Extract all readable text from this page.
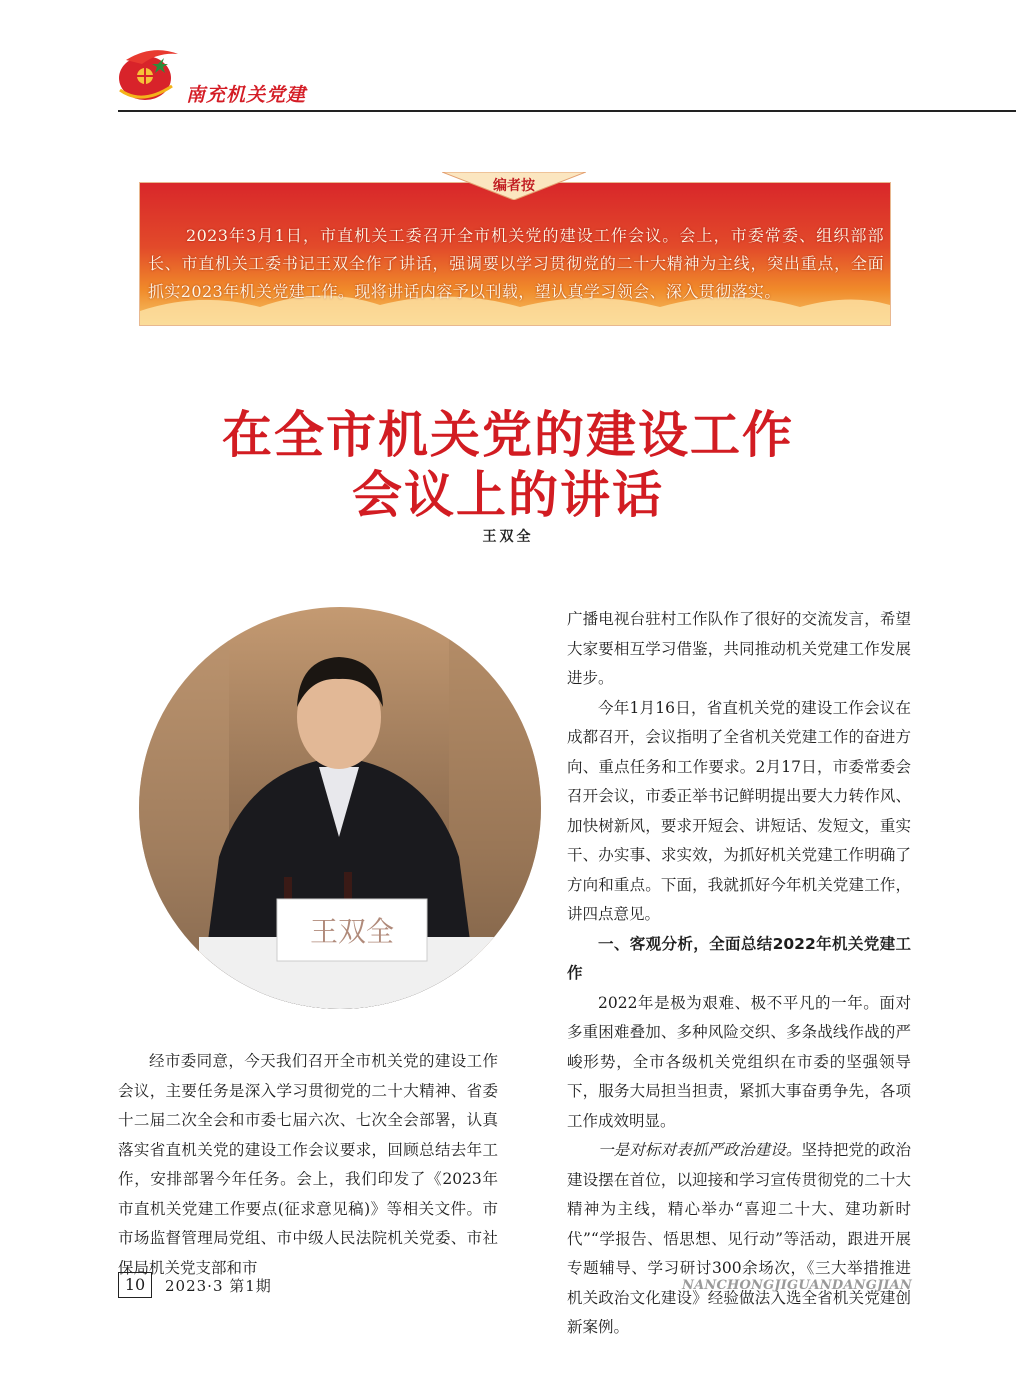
南充机关党建
编者按
2023年3月1日，市直机关工委召开全市机关党的建设工作会议。会上，市委常委、组织部部长、市直机关工委书记王双全作了讲话，强调要以学习贯彻党的二十大精神为主线，突出重点，全面抓实2023年机关党建工作。现将讲话内容予以刊载，望认真学习领会、深入贯彻落实。
在全市机关党的建设工作
会议上的讲话
王双全
王双全

经市委同意，今天我们召开全市机关党的建设工作会议，主要任务是深入学习贯彻党的二十大精神、省委十二届二次全会和市委七届六次、七次全会部署，认真落实省直机关党的建设工作会议要求，回顾总结去年工作，安排部署今年任务。会上，我们印发了《2023年市直机关党建工作要点(征求意见稿)》等相关文件。市市场监督管理局党组、市中级人民法院机关党委、市社保局机关党支部和市

广播电视台驻村工作队作了很好的交流发言，希望大家要相互学习借鉴，共同推动机关党建工作发展进步。

今年1月16日，省直机关党的建设工作会议在成都召开，会议指明了全省机关党建工作的奋进方向、重点任务和工作要求。2月17日，市委常委会召开会议，市委正举书记鲜明提出要大力转作风、加快树新风，要求开短会、讲短话、发短文，重实干、办实事、求实效，为抓好机关党建工作明确了方向和重点。下面，我就抓好今年机关党建工作，讲四点意见。

一、客观分析，全面总结2022年机关党建工作

2022年是极为艰难、极不平凡的一年。面对多重困难叠加、多种风险交织、多条战线作战的严峻形势，全市各级机关党组织在市委的坚强领导下，服务大局担当担责，紧抓大事奋勇争先，各项工作成效明显。

一是对标对表抓严政治建设。坚持把党的政治建设摆在首位，以迎接和学习宣传贯彻党的二十大精神为主线，精心举办“喜迎二十大、建功新时代”“学报告、悟思想、见行动”等活动，跟进开展专题辅导、学习研讨300余场次，《三大举措推进机关政治文化建设》经验做法入选全省机关党建创新案例。

10	2023·3 第1期	NANCHONGJIGUANDANGJIAN
